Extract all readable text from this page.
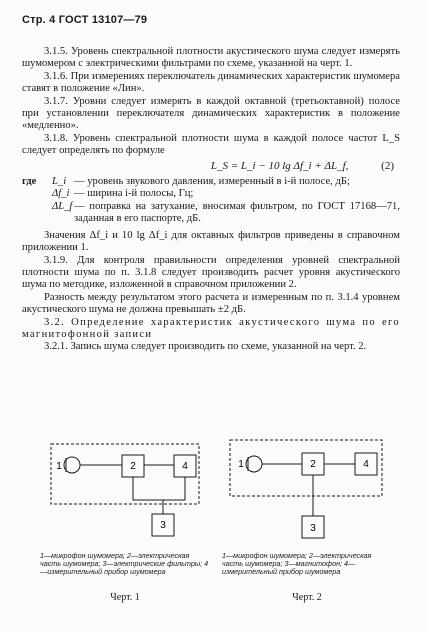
Стр. 4 ГОСТ 13107—79

3.1.5. Уровень спектральной плотности акустического шума следует измерять шумомером с электрическими фильтрами по схеме, указанной на черт. 1.

3.1.6. При измерениях переключатель динамических характеристик шумомера ставят в положение «Лин».

3.1.7. Уровни следует измерять в каждой октавной (третьоктавной) полосе при установлении переключателя динамических характеристик в положение «медленно».

3.1.8. Уровень спектральной плотности шума в каждой полосе частот L_S следует определять по формуле

L_S = L_i − 10 lg Δf_i + ΔL_f,	(2)
где	L_i — уровень звукового давления, измеренный в i-й полосе, дБ;
Δf_i — ширина i-й полосы, Гц;
ΔL_f — поправка на затухание, вносимая фильтром, по ГОСТ 17168—71, заданная в его паспорте, дБ.

Значения Δf_i и 10 lg Δf_i для октавных фильтров приведены в справочном приложении 1.

3.1.9. Для контроля правильности определения уровней спектральной плотности шума по п. 3.1.8 следует производить расчет уровня акустического шума по методике, изложенной в справочном приложении 2.

Разность между результатом этого расчета и измеренным по п. 3.1.4 уровнем акустического шума не должна превышать ±2 дБ.

3.2. Определение характеристик акустического шума по его магнитофонной записи

3.2.1. Запись шума следует производить по схеме, указанной на черт. 2.

2	4
3
1
1—микрофон шумомера; 2—электрическая часть шумомера; 3—электрические фильтры; 4—измерительный прибор шумомера
Черт. 1
2	4
3
1
1—микрофон шумомера; 2—электрическая часть шумомера; 3—магнитофон; 4—измерительный прибор шумомера
Черт. 2
